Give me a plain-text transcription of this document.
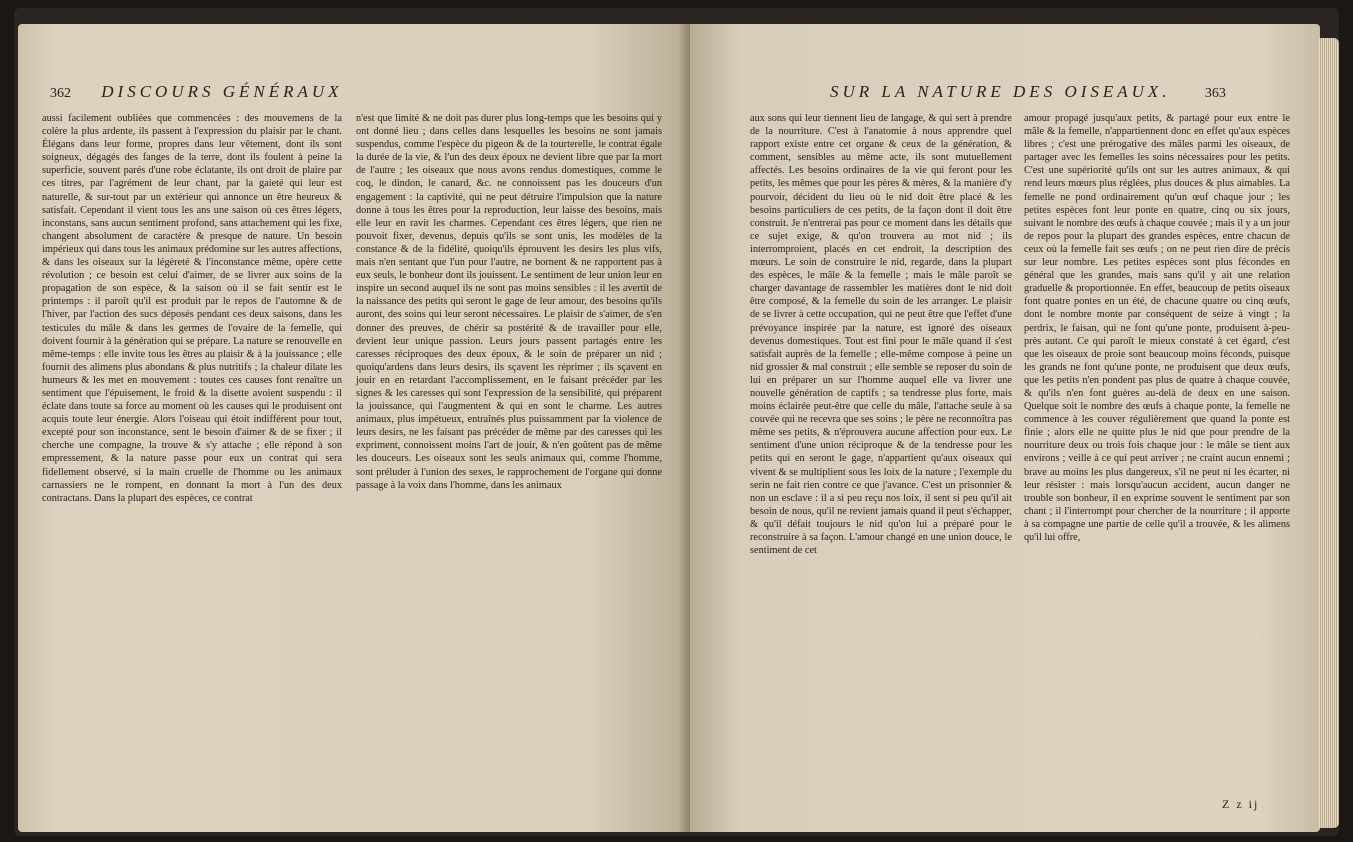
362 DISCOURS GÉNÉRAUX

aussi facilement oubliées que commencées : des mouvemens de la colère la plus ardente, ils passent à l'expression du plaisir par le chant. Élégans dans leur forme, propres dans leur vêtement, dont ils sont soigneux, dégagés des fanges de la terre, dont ils foulent à peine la superficie, souvent parés d'une robe éclatante, ils ont droit de plaire par ces titres, par l'agrément de leur chant, par la gaieté qui leur est naturelle, & sur-tout par un extérieur qui annonce un être heureux & satisfait. Cependant il vient tous les ans une saison où ces êtres légers, inconstans, sans aucun sentiment profond, sans attachement qui les fixe, changent absolument de caractère & presque de nature. Un besoin impérieux qui dans tous les animaux prédomine sur les autres affections, & dans les oiseaux sur la légèreté & l'inconstance même, opère cette révolution ; ce besoin est celui d'aimer, de se livrer aux soins de la propagation de son espèce, & la saison où il se fait sentir est le printemps : il paroît qu'il est produit par le repos de l'automne & de l'hiver, par l'action des sucs déposés pendant ces deux saisons, dans les testicules du mâle & dans les germes de l'ovaire de la femelle, qui doivent fournir à la génération qui se prépare. La nature se renouvelle en même-temps : elle invite tous les êtres au plaisir & à la jouissance ; elle fournit des alimens plus abondans & plus nutritifs ; la chaleur dilate les humeurs & les met en mouvement : toutes ces causes font renaître un sentiment que l'épuisement, le froid & la disette avoient suspendu : il éclate dans toute sa force au moment où les causes qui le produisent ont acquis toute leur énergie. Alors l'oiseau qui étoit indifférent pour tout, excepté pour son inconstance, sent le besoin d'aimer & de se fixer ; il cherche une compagne, la trouve & s'y attache ; elle répond à son empressement, & la nature passe pour eux un contrat qui sera fidellement observé, si la main cruelle de l'homme ou les animaux carnassiers ne le rompent, en donnant la mort à l'un des deux contractans. Dans la plupart des espèces, ce contrat

n'est que limité & ne doit pas durer plus long-temps que les besoins qui y ont donné lieu ; dans celles dans lesquelles les besoins ne sont jamais suspendus, comme l'espèce du pigeon & de la tourterelle, le contrat égale la durée de la vie, & l'un des deux époux ne devient libre que par la mort de l'autre ; les oiseaux que nous avons rendus domestiques, comme le coq, le dindon, le canard, &c. ne connoissent pas les douceurs d'un engagement : la captivité, qui ne peut détruire l'impulsion que la nature donne à tous les êtres pour la reproduction, leur laisse des besoins, mais elle leur en ravit les charmes. Cependant ces êtres légers, que rien ne pouvoit fixer, devenus, depuis qu'ils se sont unis, les modèles de la constance & de la fidélité, quoiqu'ils éprouvent les desirs les plus vifs, mais n'en sentant que l'un pour l'autre, ne bornent & ne rapportent pas à eux seuls, le bonheur dont ils jouissent. Le sentiment de leur union leur en inspire un second auquel ils ne sont pas moins sensibles : il les avertit de la naissance des petits qui seront le gage de leur amour, des besoins qu'ils auront, des soins qui leur seront nécessaires. Le plaisir de s'aimer, de s'en donner des preuves, de chérir sa postérité & de travailler pour elle, devient leur unique passion. Leurs jours passent partagés entre les caresses réciproques des deux époux, & le soin de préparer un nid ; quoiqu'ardens dans leurs desirs, ils sçavent les réprimer ; ils sçavent en jouir en en retardant l'accomplissement, en le faisant précéder par les signes & les caresses qui sont l'expression de la sensibilité, qui préparent la jouissance, qui l'augmentent & qui en sont le charme. Les autres animaux, plus impétueux, entraînés plus puissamment par la violence de leurs desirs, ne les faisant pas précéder de même par des caresses qui les expriment, connoissent moins l'art de jouir, & n'en goûtent pas de même les douceurs. Les oiseaux sont les seuls animaux qui, comme l'homme, sont préluder à l'union des sexes, le rapprochement de l'organe qui donne passage à la voix dans l'homme, dans les animaux

SUR LA NATURE DES OISEAUX. 363

aux sons qui leur tiennent lieu de langage, & qui sert à prendre de la nourriture. C'est à l'anatomie à nous apprendre quel rapport existe entre cet organe & ceux de la génération, & comment, sensibles au même acte, ils sont mutuellement affectés. Les besoins ordinaires de la vie qui feront pour les petits, les mêmes que pour les pères & mères, & la manière d'y pourvoir, décident du lieu où le nid doit être placé & les besoins particuliers de ces petits, de la façon dont il doit être construit. Je n'entrerai pas pour ce moment dans les détails que ce sujet exige, & qu'on trouvera au mot nid ; ils interromproient, placés en cet endroit, la description des mœurs. Le soin de construire le nid, regarde, dans la plupart des espèces, le mâle & la femelle ; mais le mâle paroît se charger davantage de rassembler les matières dont le nid doit être composé, & la femelle du soin de les arranger. Le plaisir de se livrer à cette occupation, qui ne peut être que l'effet d'une prévoyance inspirée par la nature, est ignoré des oiseaux devenus domestiques. Tout est fini pour le mâle quand il s'est satisfait auprès de la femelle ; elle-même compose à peine un nid grossier & mal construit ; elle semble se reposer du soin de lui en préparer un sur l'homme auquel elle va livrer une nouvelle génération de captifs ; sa tendresse plus forte, mais moins éclairée peut-être que celle du mâle, l'attache seule à sa couvée qui ne recevra que ses soins ; le père ne reconnoîtra pas même ses petits, & n'éprouvera aucune affection pour eux. Le sentiment d'une union réciproque & de la tendresse pour les petits qui en seront le gage, n'appartient qu'aux oiseaux qui vivent & se multiplient sous les loix de la nature ; l'exemple du serin ne fait rien contre ce que j'avance. C'est un prisonnier & non un esclave : il a si peu reçu nos loix, il sent si peu qu'il ait besoin de nous, qu'il ne revient jamais quand il peut s'échapper, & qu'il défait toujours le nid qu'on lui a préparé pour le reconstruire à sa façon. L'amour changé en une union douce, le sentiment de cet

amour propagé jusqu'aux petits, & partagé pour eux entre le mâle & la femelle, n'appartiennent donc en effet qu'aux espèces libres ; c'est une prérogative des mâles parmi les oiseaux, de partager avec les femelles les soins nécessaires pour les petits. C'est une supériorité qu'ils ont sur les autres animaux, & qui rend leurs mœurs plus réglées, plus douces & plus aimables. La femelle ne pond ordinairement qu'un œuf chaque jour ; les petites espèces font leur ponte en quatre, cinq ou six jours, suivant le nombre des œufs à chaque couvée ; mais il y a un jour de repos pour la plupart des grandes espèces, entre chacun de ceux où la femelle fait ses œufs ; on ne peut rien dire de précis sur leur nombre. Les petites espèces sont plus fécondes en général que les grandes, mais sans qu'il y ait une relation graduelle & proportionnée. En effet, beaucoup de petits oiseaux font quatre pontes en un été, de chacune quatre ou cinq œufs, dont le nombre monte par conséquent de seize à vingt ; la perdrix, le faisan, qui ne font qu'une ponte, produisent à-peu-près autant. Ce qui paroît le mieux constaté à cet égard, c'est que les oiseaux de proie sont beaucoup moins féconds, puisque les grands ne font qu'une ponte, ne produisent que deux œufs, que les petits n'en pondent pas plus de quatre à chaque couvée, & qu'ils n'en font guères au-delà de deux en une saison. Quelque soit le nombre des œufs à chaque ponte, la femelle ne commence à les couver régulièrement que quand la ponte est finie ; alors elle ne quitte plus le nid que pour prendre de la nourriture deux ou trois fois chaque jour : le mâle se tient aux environs ; veille à ce qui peut arriver ; ne craint aucun ennemi ; brave au moins les plus dangereux, s'il ne peut ni les écarter, ni leur résister : mais lorsqu'aucun accident, aucun danger ne trouble son bonheur, il en exprime souvent le sentiment par son chant ; il l'interrompt pour chercher de la nourriture ; il apporte à sa compagne une partie de celle qu'il a trouvée, & les alimens qu'il lui offre,

Z z ij
